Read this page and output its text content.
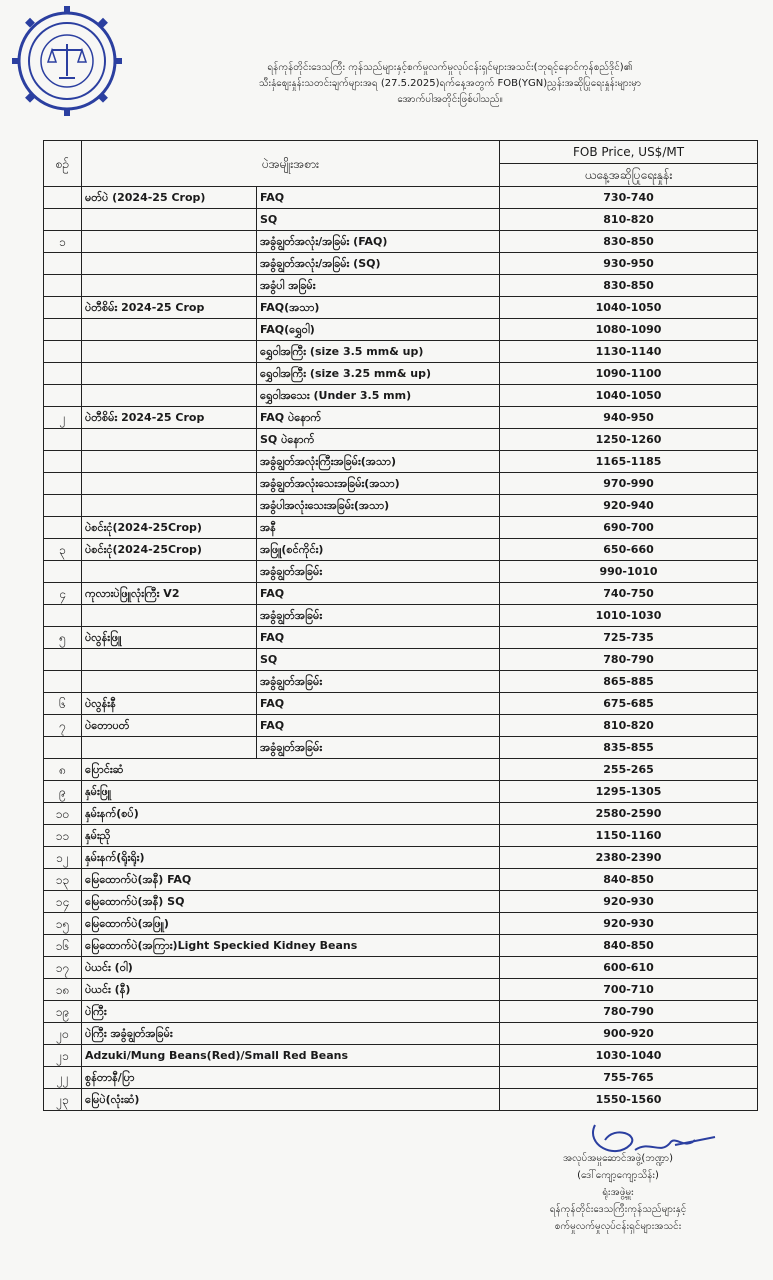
ရန်ကုန်တိုင်းဒေသကြီး ကုန်သည်များနှင့်စက်မှုလက်မှုလုပ်ငန်းရှင်များအသင်း(ဘုရင့်နောင်ကုန်စည်ဒိုင်)၏
သီးနှံစျေးနှုန်းသတင်းချက်များအရ (27.5.2025)ရက်နေ့အတွက် FOB(YGN)ညွှန်းအဆိုပြုရေးနှုန်းများမှာ
အောက်ပါအတိုင်းဖြစ်ပါသည်။
စဉ်	ပဲအမျိုးအစား		FOB Price, US$/MT
			ယနေ့အဆိုပြုရေးနှုန်း
	မတ်ပဲ (2024-25 Crop)	FAQ	730-740
		SQ	810-820
၁		အခွံချွတ်အလုံး/အခြမ်း (FAQ)	830-850
		အခွံချွတ်အလုံး/အခြမ်း (SQ)	930-950
		အခွံပါ အခြမ်း	830-850
	ပဲတီစိမ်း 2024-25 Crop	FAQ(အသာ)	1040-1050
		FAQ(ရွှေဝါ)	1080-1090
		ရွှေဝါအကြီး (size 3.5 mm& up)	1130-1140
		ရွှေဝါအကြီး (size 3.25 mm& up)	1090-1100
		ရွှေဝါအသေး (Under 3.5 mm)	1040-1050
၂	ပဲတီစိမ်း 2024-25 Crop	FAQ ပဲနောက်	940-950
		SQ ပဲနောက်	1250-1260
		အခွံချွတ်အလုံးကြီးအခြမ်း(အသာ)	1165-1185
		အခွံချွတ်အလုံးသေးအခြမ်း(အသာ)	970-990
		အခွံပါအလုံးသေးအခြမ်း(အသာ)	920-940
	ပဲစင်းငုံ(2024-25Crop)	အနီ	690-700
၃	ပဲစင်းငုံ(2024-25Crop)	အဖြူ(စင်ကိုင်း)	650-660
		အခွံချွတ်အခြမ်း	990-1010
၄	ကုလားပဲဖြူလုံးကြီး V2	FAQ	740-750
		အခွံချွတ်အခြမ်း	1010-1030
၅	ပဲလွန်းဖြူ	FAQ	725-735
		SQ	780-790
		အခွံချွတ်အခြမ်း	865-885
၆	ပဲလွန်းနီ	FAQ	675-685
၇	ပဲတောပတ်	FAQ	810-820
		အခွံချွတ်အခြမ်း	835-855
၈	ပြောင်းဆံ		255-265
၉	နှမ်းဖြူ		1295-1305
၁၀	နှမ်းနက်(စပ်)		2580-2590
၁၁	နှမ်းညို		1150-1160
၁၂	နှမ်းနက်(ရိုးရိုး)		2380-2390
၁၃	မြေထောက်ပဲ(အနီ) FAQ		840-850
၁၄	မြေထောက်ပဲ(အနီ) SQ		920-930
၁၅	မြေထောက်ပဲ(အဖြူ)		920-930
၁၆	မြေထောက်ပဲ(အကြား)Light Speckied Kidney Beans		840-850
၁၇	ပဲယင်း (ဝါ)		600-610
၁၈	ပဲယင်း (နီ)		700-710
၁၉	ပဲကြီး		780-790
၂၀	ပဲကြီး အခွံချွတ်အခြမ်း		900-920
၂၁	Adzuki/Mung Beans(Red)/Small Red Beans		1030-1040
၂၂	စွန်တာနီ/ပြာ		755-765
၂၃	မြေပဲ(လုံးဆံ)		1550-1560
အလုပ်အမှုဆောင်အဖွဲ့(ဘဏ္ဍာ)
(ဒေါ်ကျော့ကျော့သိန်း)
ရုံးအဖွဲ့မှူး
ရန်ကုန်တိုင်းဒေသကြီးကုန်သည်များနှင့်
စက်မှုလက်မှုလုပ်ငန်းရှင်များအသင်း
